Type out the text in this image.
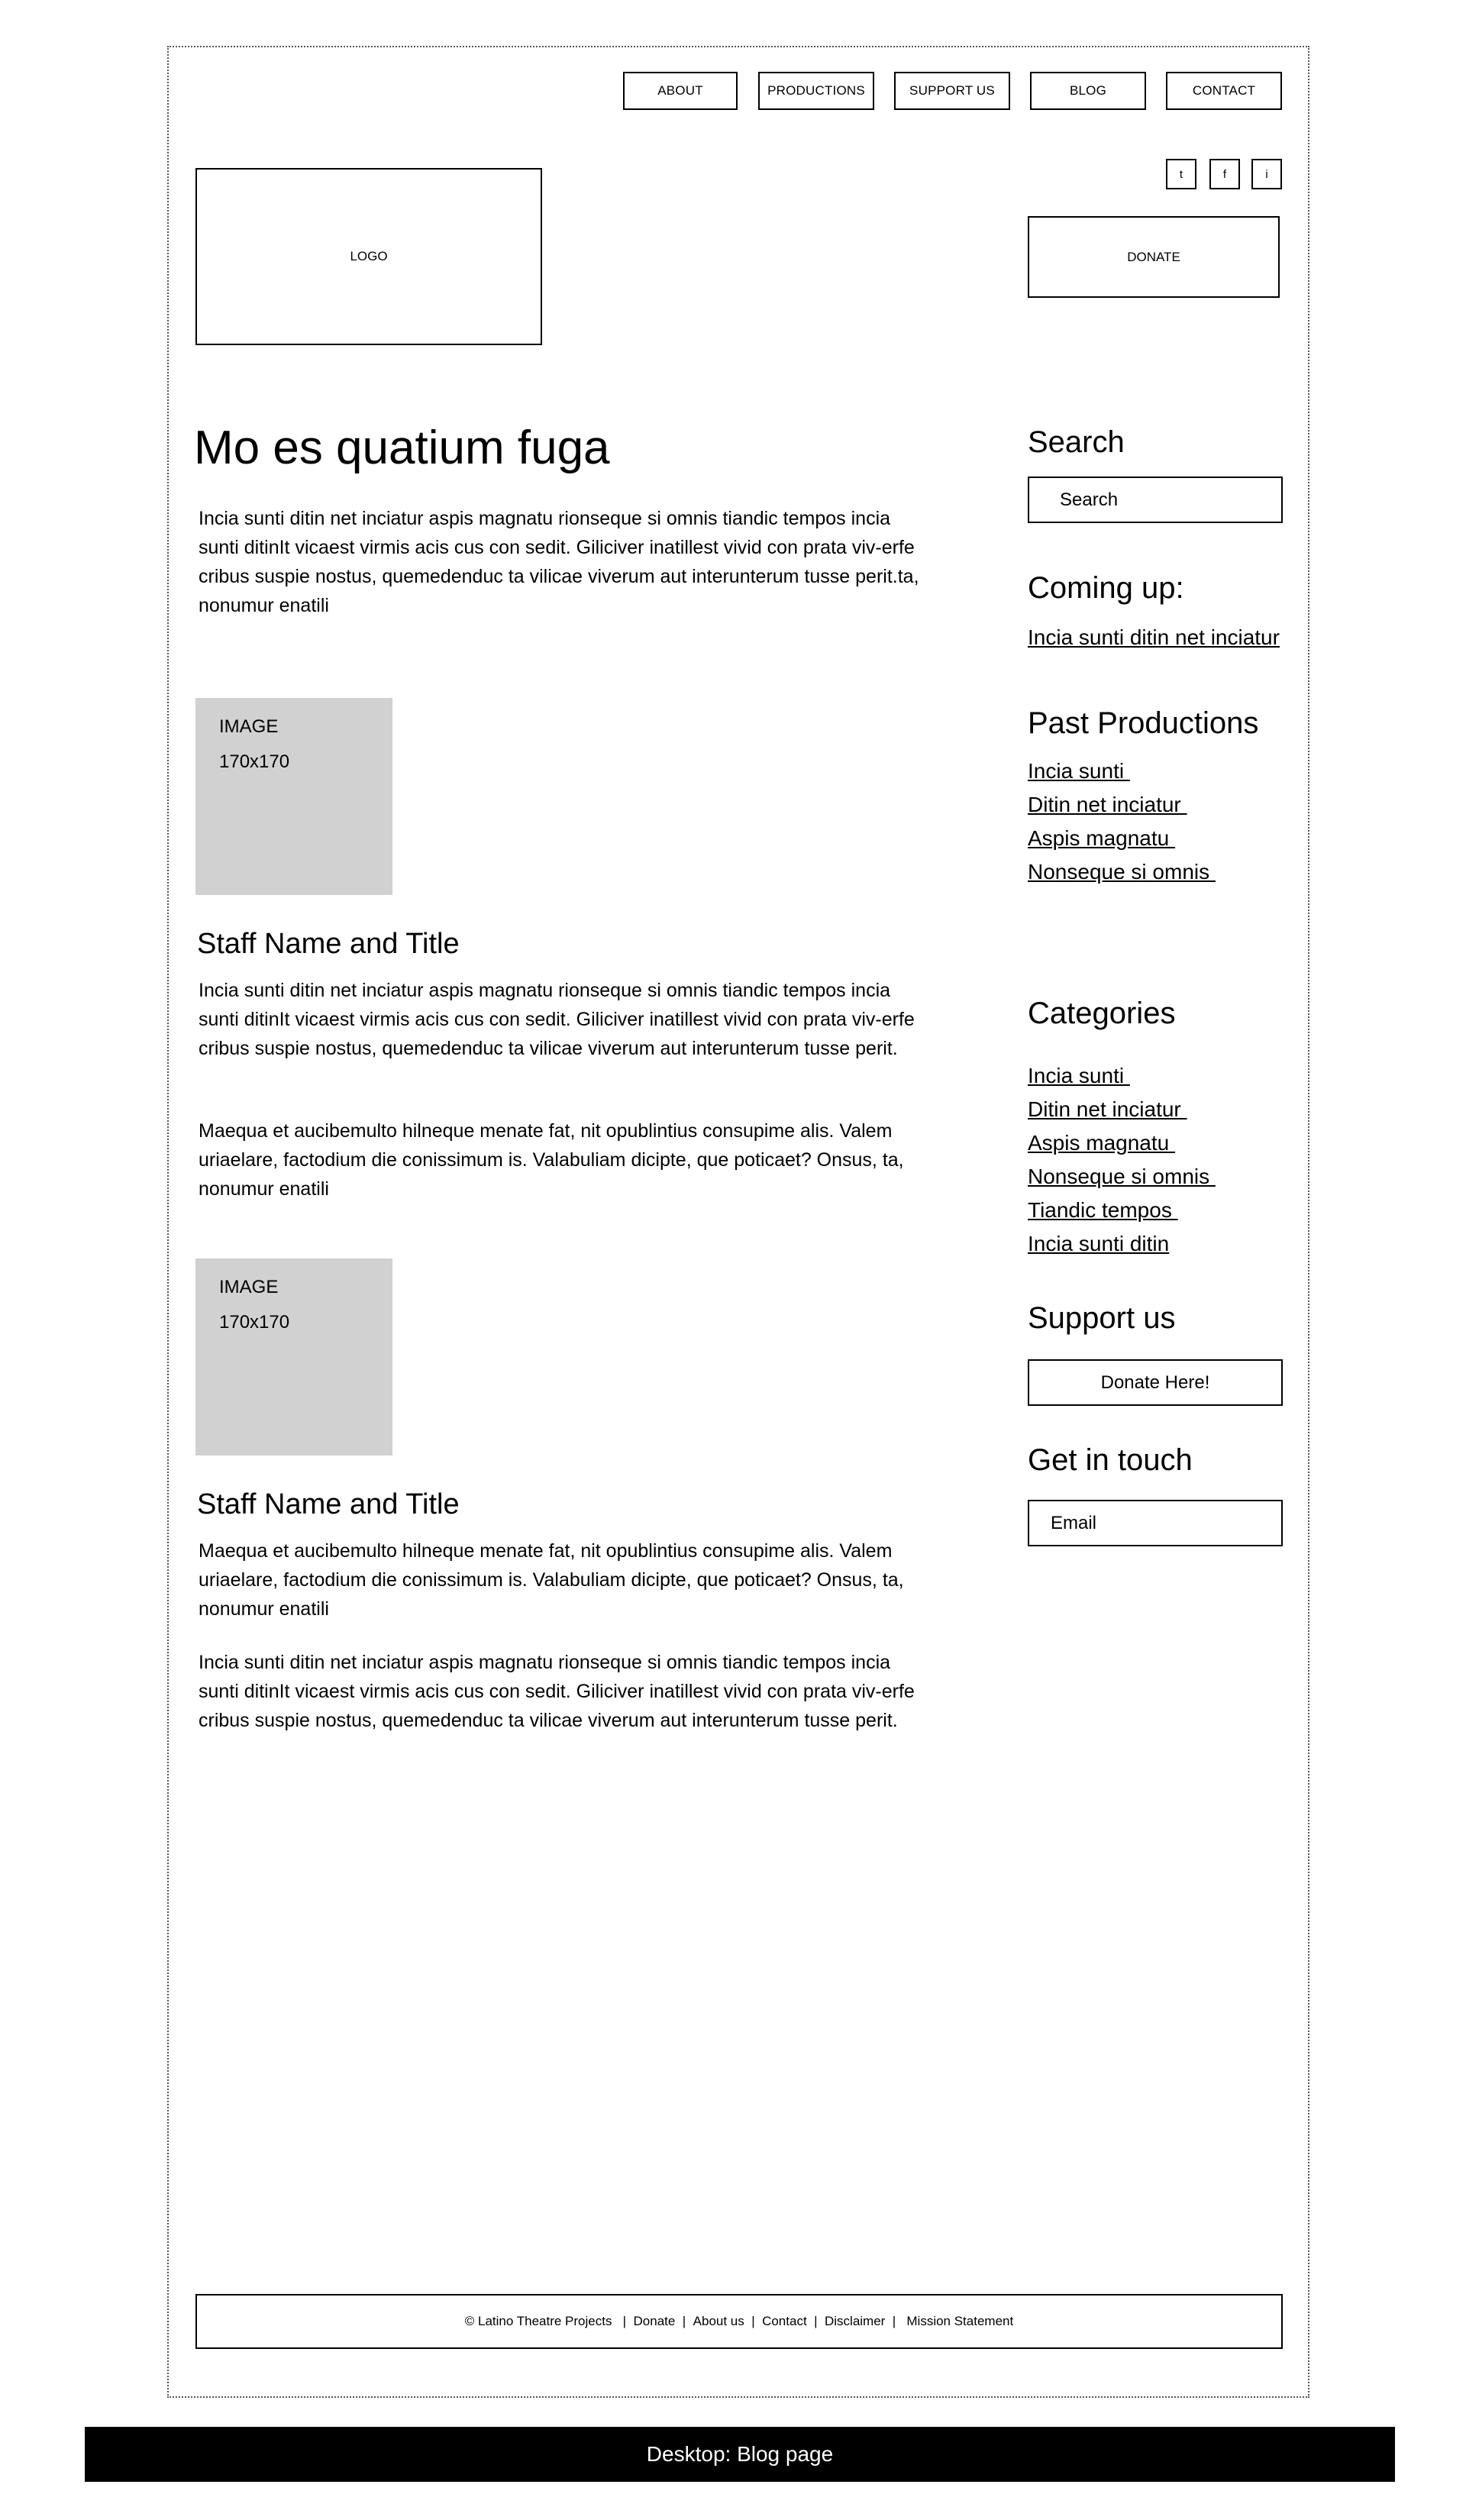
ABOUT	PRODUCTIONS	SUPPORT US	BLOG	CONTACT
t	f	i
LOGO	DONATE
Mo es quatium fuga

Incia sunti ditin net inciatur aspis magnatu rionseque si omnis tiandic tempos incia sunti ditinIt vicaest virmis acis cus con sedit. Giliciver inatillest vivid con prata viv-erfe cribus suspie nostus, quemedenduc ta vilicae viverum aut interunterum tusse perit.ta, nonumur enatili

IMAGE
170x170
Staff Name and Title

Incia sunti ditin net inciatur aspis magnatu rionseque si omnis tiandic tempos incia sunti ditinIt vicaest virmis acis cus con sedit. Giliciver inatillest vivid con prata viv-erfe cribus suspie nostus, quemedenduc ta vilicae viverum aut interunterum tusse perit.

Maequa et aucibemulto hilneque menate fat, nit opublintius consupime alis. Valem uriaelare, factodium die conissimum is. Valabuliam dicipte, que poticaet? Onsus, ta, nonumur enatili

IMAGE
170x170
Staff Name and Title

Maequa et aucibemulto hilneque menate fat, nit opublintius consupime alis. Valem uriaelare, factodium die conissimum is. Valabuliam dicipte, que poticaet? Onsus, ta, nonumur enatili

Incia sunti ditin net inciatur aspis magnatu rionseque si omnis tiandic tempos incia sunti ditinIt vicaest virmis acis cus con sedit. Giliciver inatillest vivid con prata viv-erfe cribus suspie nostus, quemedenduc ta vilicae viverum aut interunterum tusse perit.

Search
Search
Coming up:
Incia sunti ditin net inciatur
Past Productions
Incia sunti
Ditin net inciatur
Aspis magnatu
Nonseque si omnis
Categories
Incia sunti
Ditin net inciatur
Aspis magnatu
Nonseque si omnis
Tiandic tempos
Incia sunti ditin
Support us
Donate Here!
Get in touch
Email
© Latino Theatre Projects | Donate | About us | Contact | Disclaimer | Mission Statement
Desktop: Blog page
